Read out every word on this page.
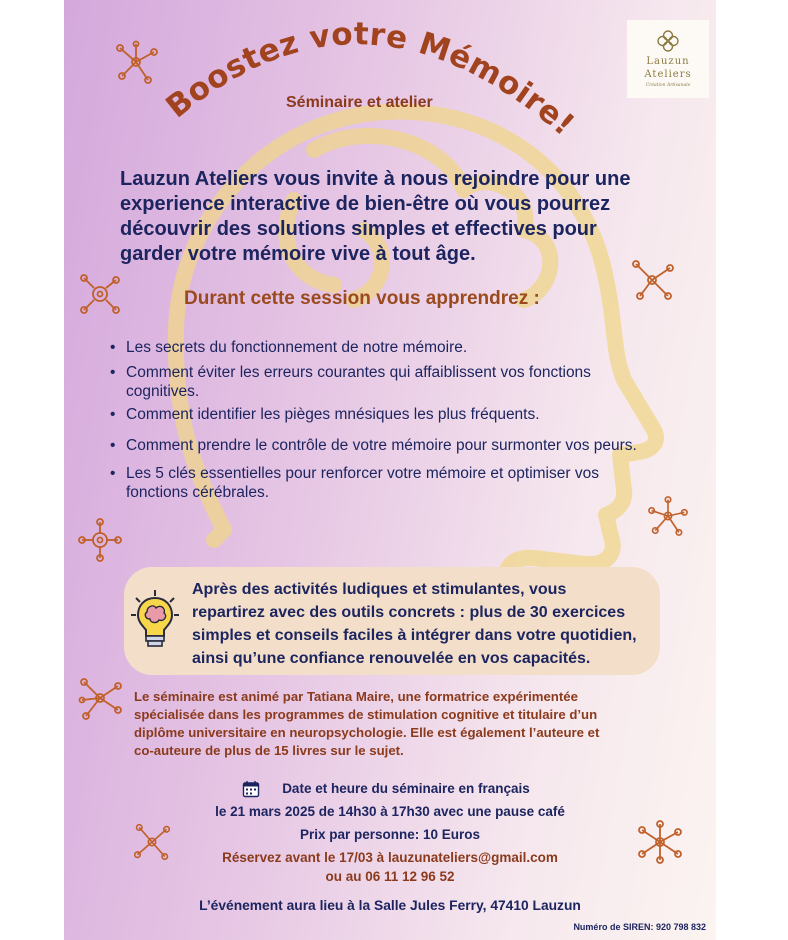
Lauzun
Ateliers
Création Artisanale
Boostez votre Mémoire!
Séminaire et atelier
Lauzun Ateliers vous invite à nous rejoindre pour une
experience interactive de bien-être où vous pourrez
découvrir des solutions simples et effectives pour
garder votre mémoire vive à tout âge.
Durant cette session vous apprendrez :
• Les secrets du fonctionnement de notre mémoire.
• Comment éviter les erreurs courantes qui affaiblissent vos fonctions
cognitives.
• Comment identifier les pièges mnésiques les plus fréquents.
• Comment prendre le contrôle de votre mémoire pour surmonter vos peurs.
• Les 5 clés essentielles pour renforcer votre mémoire et optimiser vos
fonctions cérébrales.
Après des activités ludiques et stimulantes, vous
repartirez avec des outils concrets : plus de 30 exercices
simples et conseils faciles à intégrer dans votre quotidien,
ainsi qu’une confiance renouvelée en vos capacités.
Le séminaire est animé par Tatiana Maire, une formatrice expérimentée
spécialisée dans les programmes de stimulation cognitive et titulaire d’un
diplôme universitaire en neuropsychologie. Elle est également l’auteure et
co-auteure de plus de 15 livres sur le sujet.
Date et heure du séminaire en français
le 21 mars 2025 de 14h30 à 17h30 avec une pause café
Prix par personne: 10 Euros
Réservez avant le 17/03 à lauzunateliers@gmail.com
ou au 06 11 12 96 52
L’événement aura lieu à la Salle Jules Ferry, 47410 Lauzun
Numéro de SIREN: 920 798 832
